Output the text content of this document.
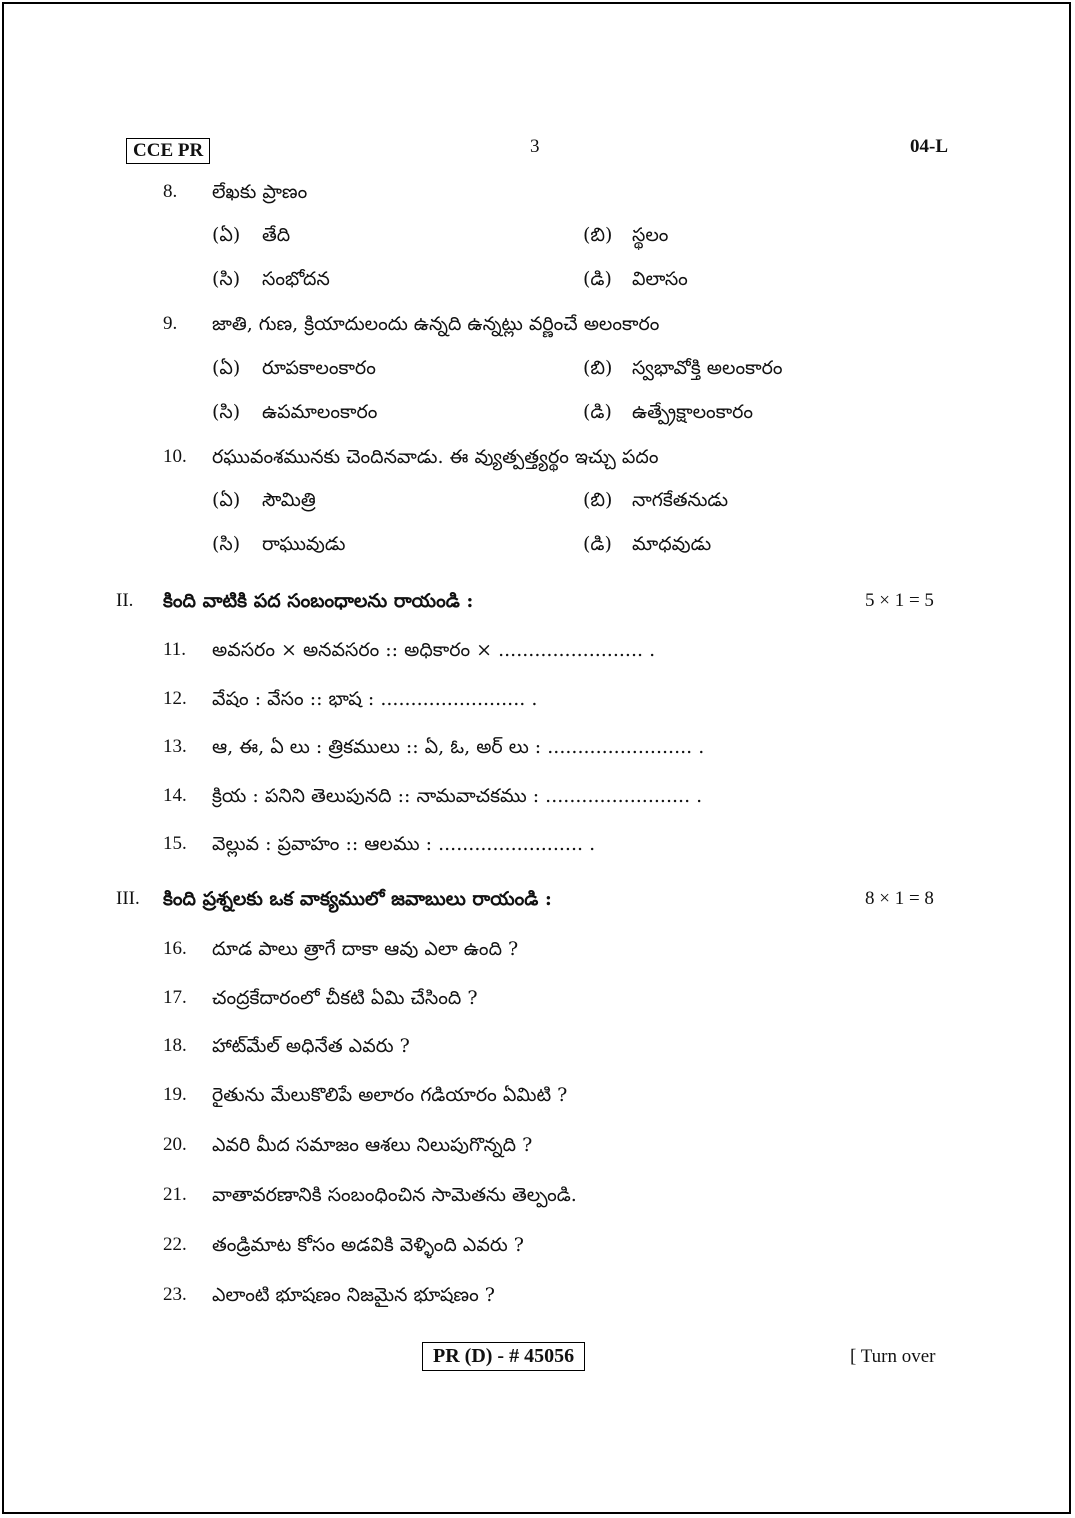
CCE PR	3	04-L
8. లేఖకు ప్రాణం
(ఏ) తేది	(బి) స్థలం
(సి) సంభోదన	(డి) విలాసం
9. జాతి, గుణ, క్రియాదులందు ఉన్నది ఉన్నట్లు వర్ణించే అలంకారం
(ఏ) రూపకాలంకారం	(బి) స్వభావోక్తి అలంకారం
(సి) ఉపమాలంకారం	(డి) ఉత్ప్రేక్షాలంకారం
10. రఘువంశమునకు చెందినవాడు. ఈ వ్యుత్పత్త్యర్థం ఇచ్చు పదం
(ఏ) సౌమిత్రి	(బి) నాగకేతనుడు
(సి) రాఘువుడు	(డి) మాధవుడు
II. కింది వాటికి పద సంబంధాలను రాయండి :	5 × 1 = 5
11. అవసరం × అనవసరం :: అధికారం × ........................ .
12. వేషం : వేసం :: భాష : ........................ .
13. ఆ, ఈ, ఏ లు : త్రికములు :: ఏ, ఓ, అర్ లు : ........................ .
14. క్రియ : పనిని తెలుపునది :: నామవాచకము : ........................ .
15. వెల్లువ : ప్రవాహం :: ఆలము : ........................ .
III. కింది ప్రశ్నలకు ఒక వాక్యములో జవాబులు రాయండి :	8 × 1 = 8
16. దూడ పాలు త్రాగే దాకా ఆవు ఎలా ఉంది ?
17. చంద్రకేదారంలో చీకటి ఏమి చేసింది ?
18. హాట్‌మేల్ అధినేత ఎవరు ?
19. రైతును మేలుకొలిపే అలారం గడియారం ఏమిటి ?
20. ఎవరి మీద సమాజం ఆశలు నిలుపుగొన్నది ?
21. వాతావరణానికి సంబంధించిన సామెతను తెల్పండి.
22. తండ్రిమాట కోసం అడవికి వెళ్ళింది ఎవరు ?
23. ఎలాంటి భూషణం నిజమైన భూషణం ?
PR (D) - # 45056	[ Turn over
